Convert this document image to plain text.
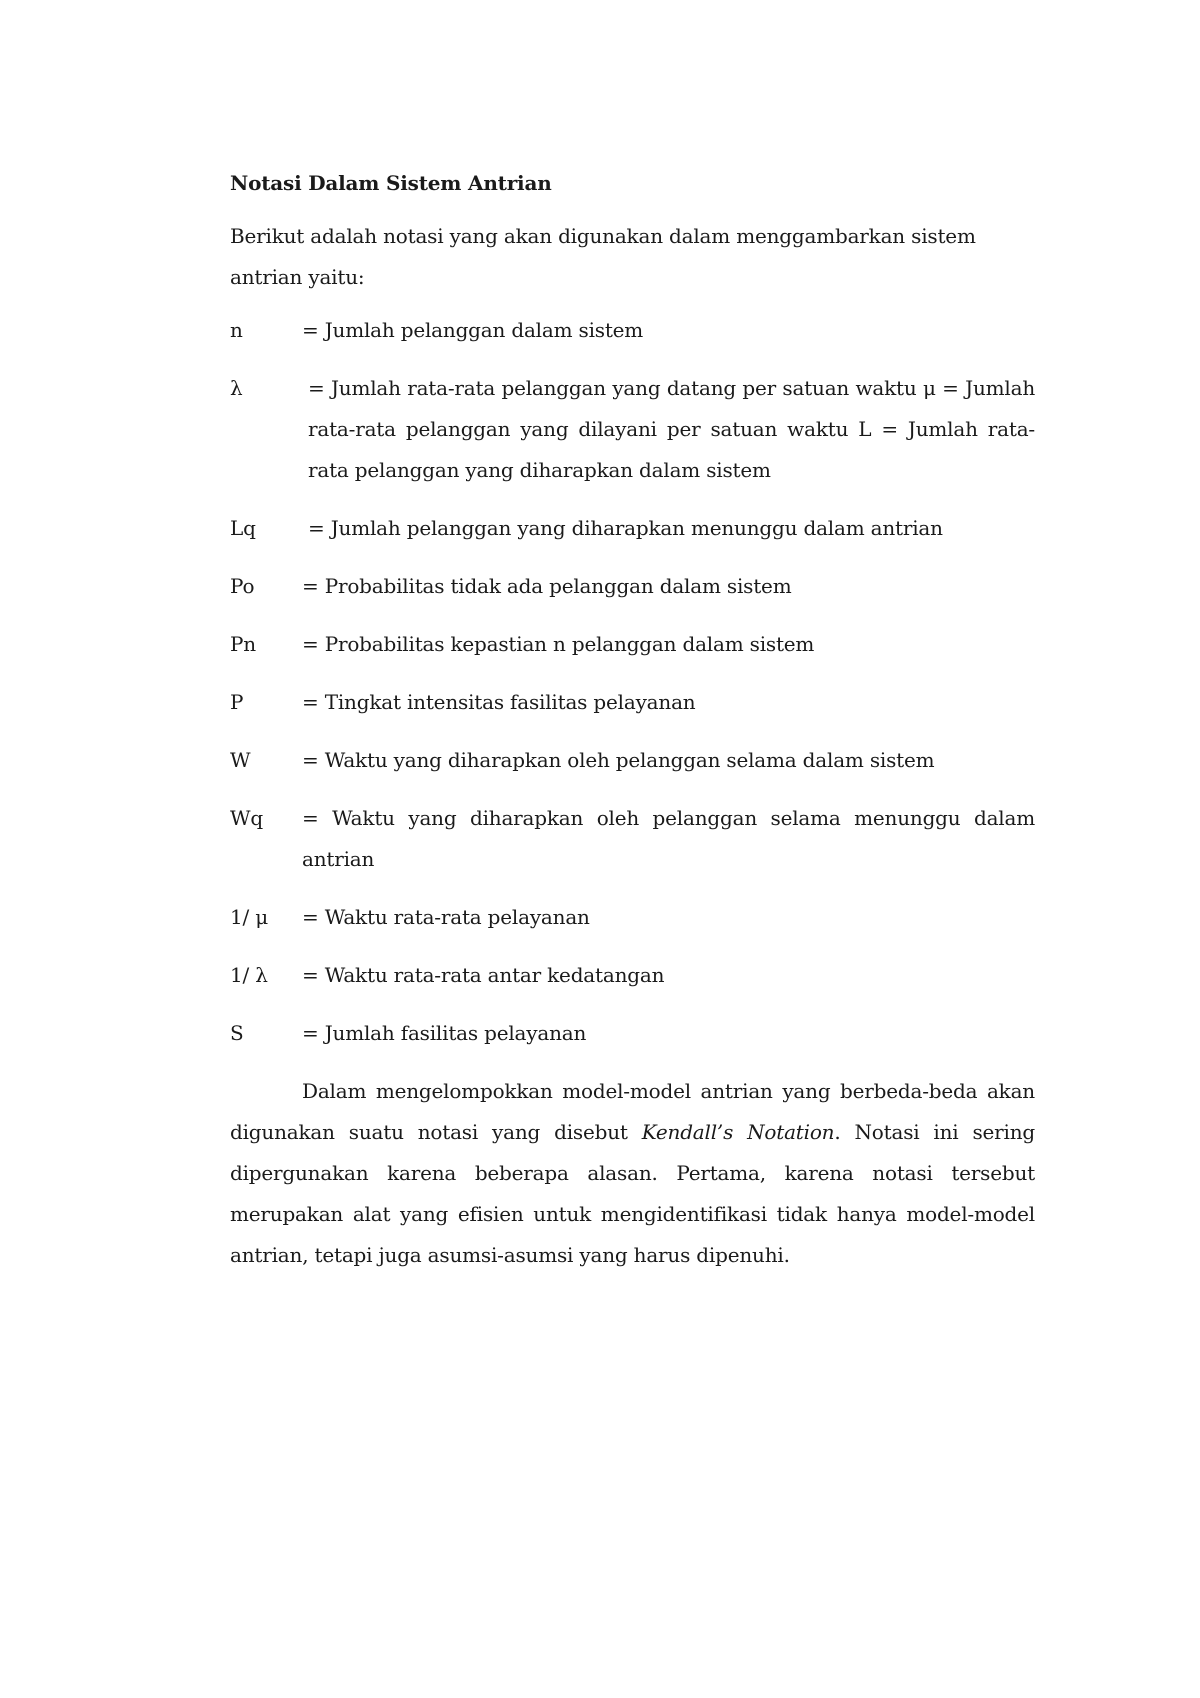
Notasi Dalam Sistem Antrian
Berikut adalah notasi yang akan digunakan dalam menggambarkan sistem antrian yaitu:
n	= Jumlah pelanggan dalam sistem
λ	= Jumlah rata-rata pelanggan yang datang per satuan waktu μ = Jumlah rata-rata pelanggan yang dilayani per satuan waktu L = Jumlah rata-rata pelanggan yang diharapkan dalam sistem
Lq	= Jumlah pelanggan yang diharapkan menunggu dalam antrian
Po	= Probabilitas tidak ada pelanggan dalam sistem
Pn	= Probabilitas kepastian n pelanggan dalam sistem
P	= Tingkat intensitas fasilitas pelayanan
W	= Waktu yang diharapkan oleh pelanggan selama dalam sistem
Wq	= Waktu yang diharapkan oleh pelanggan selama menunggu dalam antrian
1/ μ	= Waktu rata-rata pelayanan
1/ λ	= Waktu rata-rata antar kedatangan
S	= Jumlah fasilitas pelayanan

Dalam mengelompokkan model-model antrian yang berbeda-beda akan digunakan suatu notasi yang disebut Kendall’s Notation. Notasi ini sering dipergunakan karena beberapa alasan. Pertama, karena notasi tersebut merupakan alat yang efisien untuk mengidentifikasi tidak hanya model-model antrian, tetapi juga asumsi-asumsi yang harus dipenuhi.
